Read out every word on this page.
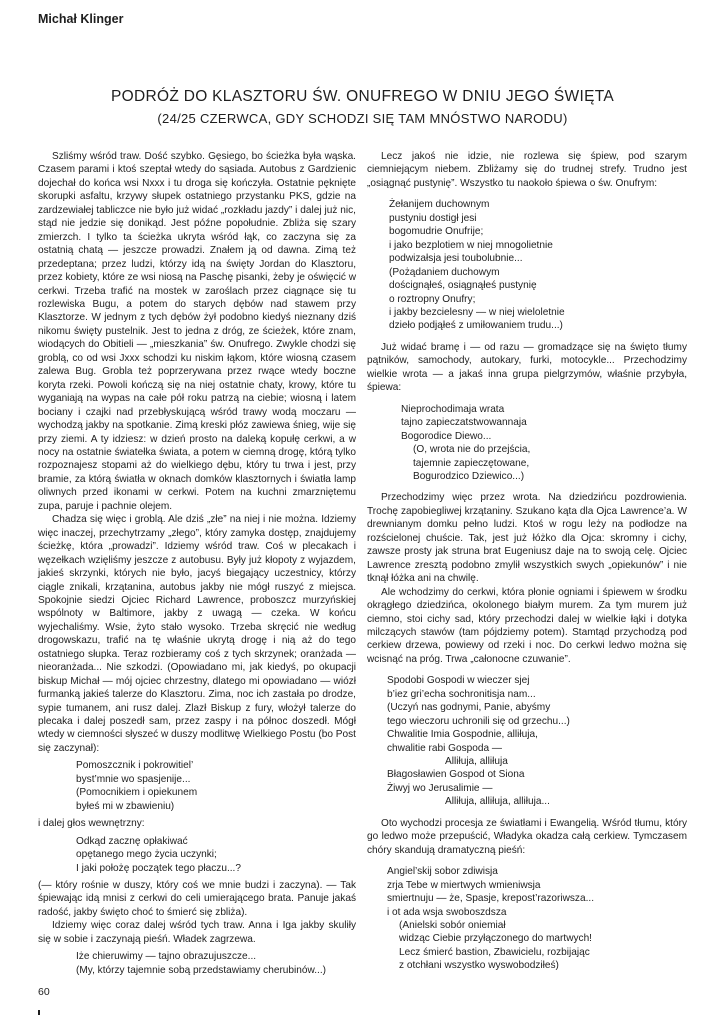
Michał Klinger
PODRÓŻ DO KLASZTORU ŚW. ONUFREGO W DNIU JEGO ŚWIĘTA
(24/25 CZERWCA, GDY SCHODZI SIĘ TAM MNÓSTWO NARODU)

Szliśmy wśród traw. Dość szybko. Gęsiego, bo ścieżka była wąska. Czasem parami i ktoś szeptał wtedy do sąsiada. Autobus z Gardzienic dojechał do końca wsi Nxxx i tu droga się kończyła. Ostatnie pęknięte skorupki asfaltu, krzywy słupek ostatniego przystanku PKS, gdzie na zardzewiałej tabliczce nie było już widać „rozkładu jazdy” i dalej już nic, stąd nie jedzie się donikąd. Jest późne popołudnie. Zbliża się szary zmierzch. I tylko ta ścieżka ukryta wśród łąk, co zaczyna się za ostatnią chatą — jeszcze prowadzi. Znałem ją od dawna. Zimą też przedeptana; przez ludzi, którzy idą na święty Jordan do Klasztoru, przez kobiety, które ze wsi niosą na Paschę pisanki, żeby je oświęcić w cerkwi. Trzeba trafić na mostek w zaroślach przez ciągnące się tu rozlewiska Bugu, a potem do starych dębów nad stawem przy Klasztorze. W jednym z tych dębów żył podobno kiedyś nieznany dziś nikomu święty pustelnik. Jest to jedna z dróg, ze ścieżek, które znam, wiodących do Obitieli — „mieszkania” św. Onufrego. Zwykle chodzi się groblą, co od wsi Jxxx schodzi ku niskim łąkom, które wiosną czasem zalewa Bug. Grobla też poprzerywana przez rwące wtedy boczne koryta rzeki. Powoli kończą się na niej ostatnie chaty, krowy, które tu wyganiają na wypas na całe pół roku patrzą na ciebie; wiosną i latem bociany i czajki nad przebłyskującą wśród trawy wodą moczaru — wychodzą jakby na spotkanie. Zimą kreski płóz zawiewa śnieg, wije się przy ziemi. A ty idziesz: w dzień prosto na daleką kopułę cerkwi, a w nocy na ostatnie światełka świata, a potem w ciemną drogę, którą tylko rozpoznajesz stopami aż do wielkiego dębu, który tu trwa i jest, przy bramie, za którą światła w oknach domków klasztornych i światła lamp oliwnych przed ikonami w cerkwi. Potem na kuchni zmarzniętemu zupa, paruje i pachnie olejem.

Chadza się więc i groblą. Ale dziś „złe” na niej i nie można. Idziemy więc inaczej, przechytrzamy „złego”, który zamyka dostęp, znajdujemy ścieżkę, która „prowadzi”. Idziemy wśród traw. Coś w plecakach i węzełkach wzięliśmy jeszcze z autobusu. Były już kłopoty z wyjazdem, jakieś skrzynki, których nie było, jacyś biegający uczestnicy, którzy ciągle znikali, krzątanina, autobus jakby nie mógł ruszyć z miejsca. Spokojnie siedzi Ojciec Richard Lawrence, proboszcz murzyńskiej wspólnoty w Baltimore, jakby z uwagą — czeka. W końcu wyjechaliśmy. Wsie, żyto stało wysoko. Trzeba skręcić nie według drogowskazu, trafić na tę właśnie ukrytą drogę i nią aż do tego ostatniego słupka. Teraz rozbieramy coś z tych skrzynek; oranżada — nieoranżada... Nie szkodzi. (Opowiadano mi, jak kiedyś, po okupacji biskup Michał — mój ojciec chrzestny, dlatego mi opowiadano — wiózł furmanką jakieś talerze do Klasztoru. Zima, noc ich zastała po drodze, sypie tumanem, ani rusz dalej. Zlazł Biskup z fury, włożył talerze do plecaka i dalej poszedł sam, przez zaspy i na północ doszedł. Mógł wtedy w ciemności słyszeć w duszy modlitwę Wielkiego Postu (bo Post się zaczynał):

Pomoszcznik i pokrowitiel’
byst’mnie wo spasjenije...
(Pomocnikiem i opiekunem
byłeś mi w zbawieniu)

i dalej głos wewnętrzny:

Odkąd zacznę opłakiwać
opętanego mego życia uczynki;
I jaki położę początek tego płaczu...?

(— który rośnie w duszy, który coś we mnie budzi i zaczyna). — Tak śpiewając idą mnisi z cerkwi do celi umierającego brata. Panuje jakaś radość, jakby święto choć to śmierć się zbliża).

Idziemy więc coraz dalej wśród tych traw. Anna i Iga jakby skuliły się w sobie i zaczynają pieśń. Władek zagrzewa.

Iże chieruwimy — tajno obrazujuszcze...
(My, którzy tajemnie sobą przedstawiamy cherubinów...)

Lecz jakoś nie idzie, nie rozlewa się śpiew, pod szarym ciemniejącym niebem. Zbliżamy się do trudnej strefy. Trudno jest „osiągnąć pustynię”. Wszystko tu naokoło śpiewa o św. Onufrym:

Żełanijem duchownym
pustyniu dostigł jesi
bogomudrie Onufrije;
i jako bezplotiem w niej mnogolietnie
podwizałsja jesi toubolubnie...
(Pożądaniem duchowym
doścignąłeś, osiągnąłeś pustynię
o roztropny Onufry;
i jakby bezcielesny — w niej wieloletnie
dzieło podjąłeś z umiłowaniem trudu...)

Już widać bramę i — od razu — gromadzące się na święto tłumy pątników, samochody, autokary, furki, motocykle... Przechodzimy wielkie wrota — a jakaś inna grupa pielgrzymów, właśnie przybyła, śpiewa:

Nieprochodimaja wrata
tajno zapieczatstwowannaja
Bogorodice Diewo...
(O, wrota nie do przejścia,
tajemnie zapieczętowane,
Bogurodzico Dziewico...)

Przechodzimy więc przez wrota. Na dziedzińcu pozdrowienia. Trochę zapobiegliwej krzątaniny. Szukano kąta dla Ojca Lawrence’a. W drewnianym domku pełno ludzi. Ktoś w rogu leży na podłodze na rozścielonej chuście. Tak, jest już łóżko dla Ojca: skromny i cichy, zawsze prosty jak struna brat Eugeniusz daje na to swoją celę. Ojciec Lawrence zresztą podobno zmylił wszystkich swych „opiekunów” i nie tknął łóżka ani na chwilę.

Ale wchodzimy do cerkwi, która płonie ogniami i śpiewem w środku okrągłego dziedzińca, okolonego białym murem. Za tym murem już ciemno, stoi cichy sad, który przechodzi dalej w wielkie łąki i dotyka milczących stawów (tam pójdziemy potem). Stamtąd przychodzą pod cerkiew drzewa, powiewy od rzeki i noc. Do cerkwi ledwo można się wcisnąć na próg. Trwa „całonocne czuwanie”.

Spodobi Gospodi w wieczer sjej
b’iez gri’echa sochronitisja nam...
(Uczyń nas godnymi, Panie, abyśmy
tego wieczoru uchronili się od grzechu...)
Chwalitie Imia Gospodnie, alliłuja,
chwalitie rabi Gospoda —
Alliłuja, alliłuja
Błagosławien Gospod ot Siona
Żiwyj wo Jerusalimie —
Alliłuja, alliłuja, alliłuja...

Oto wychodzi procesja ze światłami i Ewangelią. Wśród tłumu, który go ledwo może przepuścić, Władyka okadza całą cerkiew. Tymczasem chóry skandują dramatyczną pieśń:

Angiel’skij sobor zdiwisja
zrja Tebe w miertwych wmieniwsja
smiertnuju — że, Spasje, krepost’razoriwsza...
i ot ada wsja swoboszdsza
(Anielski sobór oniemiał
widząc Ciebie przyłączonego do martwych!
Lecz śmierć bastion, Zbawicielu, rozbijając
z otchłani wszystko wyswobodziłeś)
60
